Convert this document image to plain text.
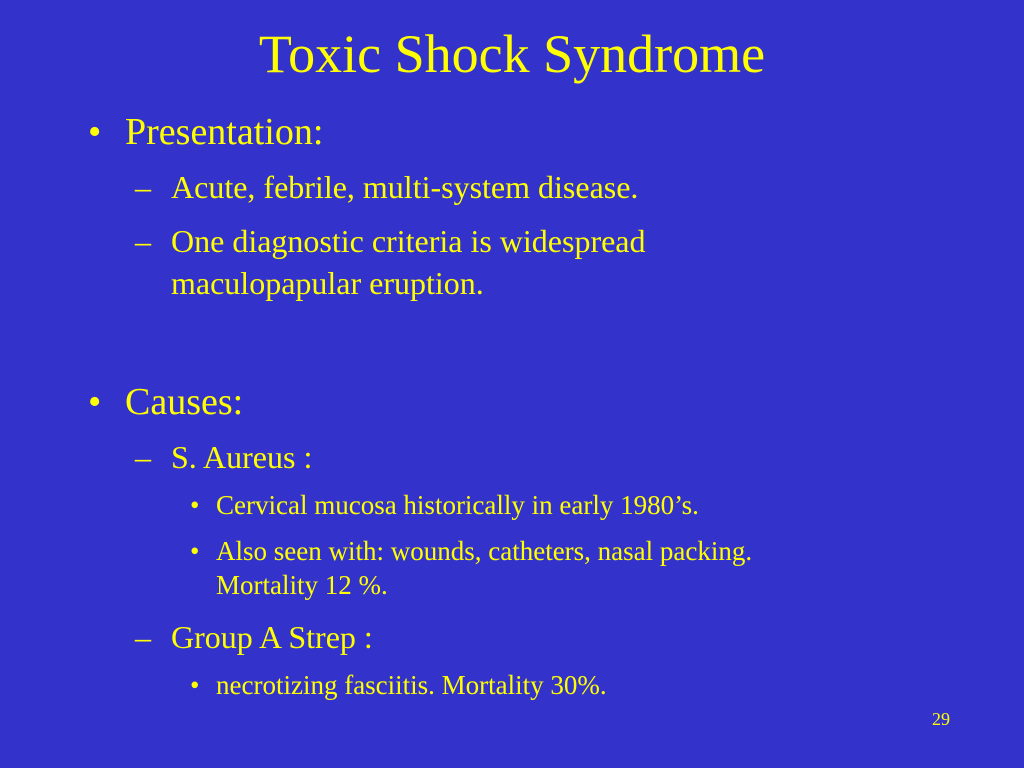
Toxic Shock Syndrome
• Presentation:
– Acute, febrile, multi-system disease.
– One diagnostic criteria is widespread
maculopapular eruption.
• Causes:
– S. Aureus :
• Cervical mucosa historically in early 1980’s.
• Also seen with: wounds, catheters, nasal packing.
Mortality 12 %.
– Group A Strep :
• necrotizing fasciitis. Mortality 30%.
29
